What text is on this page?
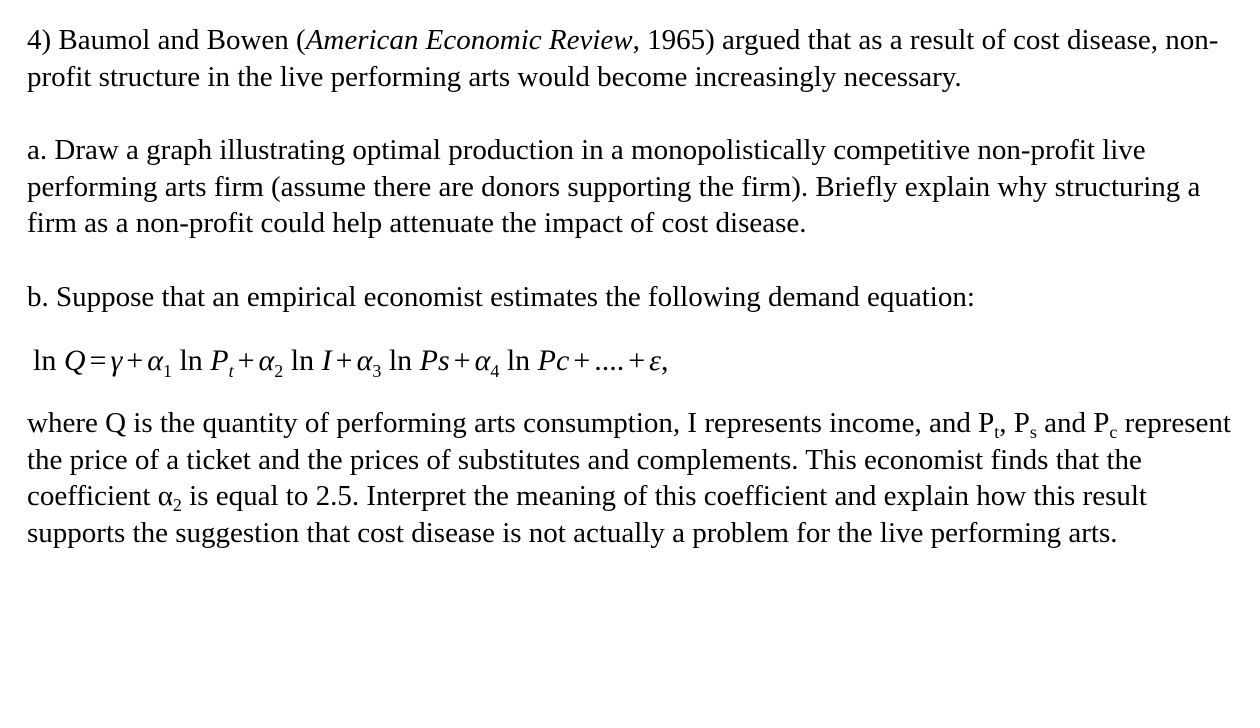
4) Baumol and Bowen (American Economic Review, 1965) argued that as a result of cost disease, non-profit structure in the live performing arts would become increasingly necessary.

a. Draw a graph illustrating optimal production in a monopolistically competitive non-profit live performing arts firm (assume there are donors supporting the firm). Briefly explain why structuring a firm as a non-profit could help attenuate the impact of cost disease.

b. Suppose that an empirical economist estimates the following demand equation:

$\ln Q = \gamma + \alpha_1$ $\ln P_t + \alpha_2$ $\ln I + \alpha_3$ $\ln Ps + \alpha_4$ ln Pc + .... + ε,

where Q is the quantity of performing arts consumption, I represents income, and $P_t$, $P_s$ and $P_c$ represent the price of a ticket and the prices of substitutes and complements. This economist finds that the coefficient $\alpha_2$ is equal to 2.5. Interpret the meaning of this coefficient and explain how this result supports the suggestion that cost disease is not actually a problem for the live performing arts.
